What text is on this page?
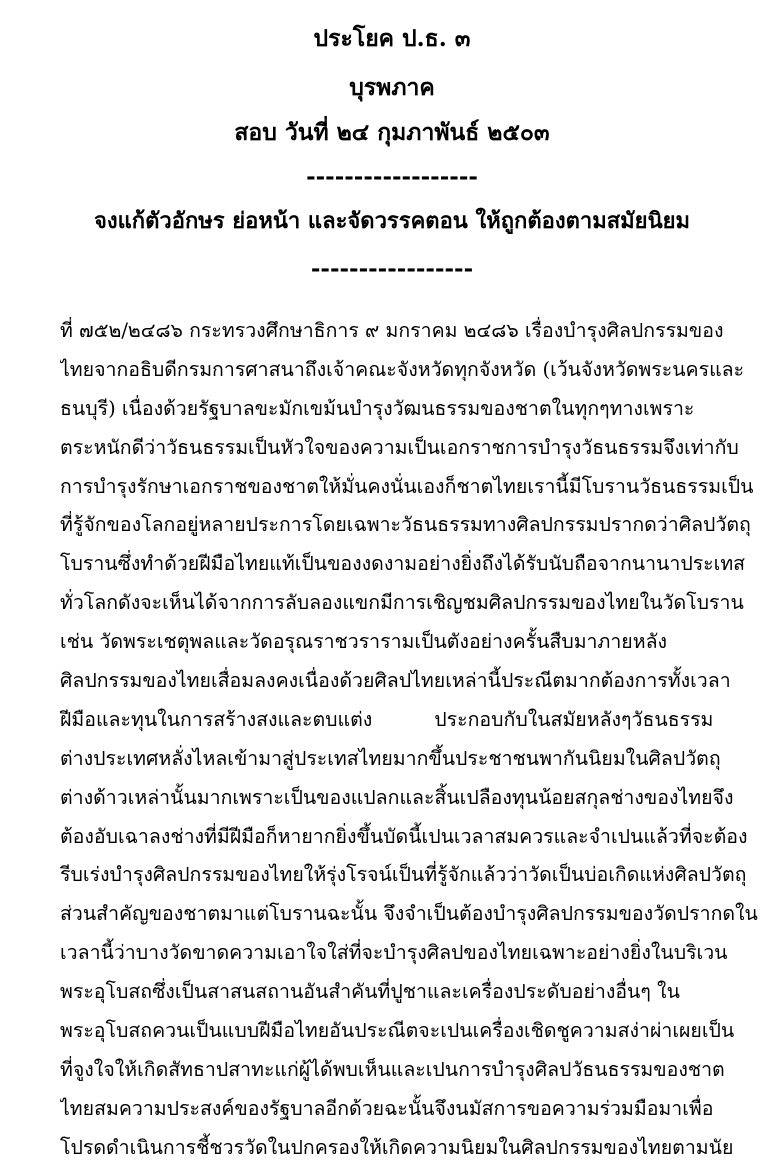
ประโยค ป.ธ. ๓
บุรพภาค
สอบ วันที่ ๒๔ กุมภาพันธ์ ๒๕๐๓
------------------
จงแก้ตัวอักษร ย่อหน้า และจัดวรรคตอน ให้ถูกต้องตามสมัยนิยม
-----------------
ที่ ๗๕๒/๒๔๘๖ กระทรวงศึกษาธิการ ๙ มกราคม ๒๔๘๖ เรื่องบำรุงศิลปกรรมของ
ไทยจากอธิบดีกรมการศาสนาถึงเจ้าคณะจังหวัดทุกจังหวัด (เว้นจังหวัดพระนครและ
ธนบุรี) เนื่องด้วยรัฐบาลขะมักเขม้นบำรุงวัฒนธรรมของชาตในทุกๆทางเพราะ
ตระหนักดีว่าวัธนธรรมเป็นหัวใจของความเป็นเอกราชการบำรุงวัธนธรรมจึงเท่ากับ
การบำรุงรักษาเอกราชของชาตให้มั่นคงนั่นเองก็ชาตไทยเรานี้มีโบรานวัธนธรรมเป็น
ที่รู้จักของโลกอยู่หลายประการโดยเฉพาะวัธนธรรมทางศิลปกรรมปรากดว่าศิลปวัตถุ
โบรานซึ่งทำด้วยฝีมือไทยแท้เป็นของงดงามอย่างยิ่งถึงได้รับนับถือจากนานาประเทส
ทั่วโลกดังจะเห็นได้จากการลับลองแขกมีการเชิญชมศิลปกรรมของไทยในวัดโบราน
เช่น วัดพระเชตุพลและวัดอรุณราชวรารามเป็นตังอย่างครั้นสืบมาภายหลัง
ศิลปกรรมของไทยเสื่อมลงคงเนื่องด้วยศิลปไทยเหล่านี้ประณีตมากต้องการทั้งเวลา
ฝีมือและทุนในการสร้างสงและตบแต่ง          ประกอบกับในสมัยหลังๆวัธนธรรม
ต่างประเทศหลั่งไหลเข้ามาสู่ประเทสไทยมากขึ้นประชาชนพากันนิยมในศิลปวัตถุ
ต่างด้าวเหล่านั้นมากเพราะเป็นของแปลกและสิ้นเปลืองทุนน้อยสกุลช่างของไทยจึง
ต้องอับเฉาลงช่างที่มีฝีมือก็หายากยิ่งขึ้นบัดนี้เปนเวลาสมควรและจำเปนแล้วที่จะต้อง
รีบเร่งบำรุงศิลปกรรมของไทยให้รุ่งโรจน์เป็นที่รู้จักแล้วว่าวัดเป็นบ่อเกิดแห่งศิลปวัตถุ
ส่วนสำคัญของชาตมาแต่โบรานฉะนั้น จึงจำเป็นต้องบำรุงศิลปกรรมของวัดปรากดใน
เวลานี้ว่าบางวัดขาดความเอาใจใส่ที่จะบำรุงศิลปของไทยเฉพาะอย่างยิ่งในบริเวน
พระอุโบสถซึ่งเป็นสาสนสถานอันสำคันที่ปูชาและเครื่องประดับอย่างอื่นๆ ใน
พระอุโบสถควนเป็นแบบฝีมือไทยอันประณีตจะเปนเครื่องเชิดชูความสง่าผ่าเผยเป็น
ที่จูงใจให้เกิดสัทธาปสาทะแก่ผู้ได้พบเห็นและเปนการบำรุงศิลปวัธนธรรมของชาต
ไทยสมความประสงค์ของรัฐบาลอีกด้วยฉะนั้นจึงนมัสการขอความร่วมมือมาเพื่อ
โปรดดำเนินการชี้ชวรวัดในปกครองให้เกิดความนิยมในศิลปกรรมของไทยตามนัย
